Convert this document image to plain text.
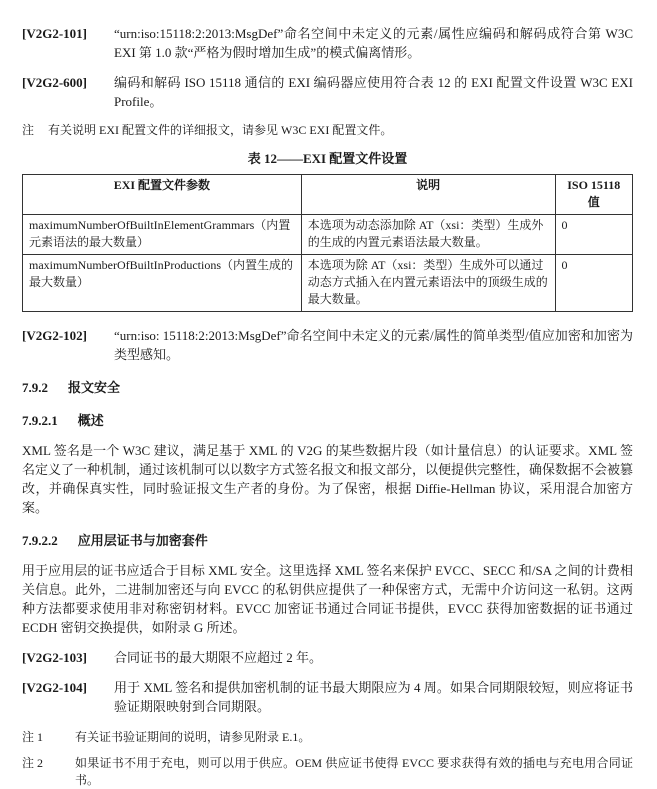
[V2G2-101]	“urn:iso:15118:2:2013:MsgDef”命名空间中未定义的元素/属性应编码和解码成符合第 W3C EXI 第 1.0 款“严格为假时增加生成”的模式偏离情形。
[V2G2-600]	编码和解码 ISO 15118 通信的 EXI 编码器应使用符合表 12 的 EXI 配置文件设置 W3C EXI Profile。
注	有关说明 EXI 配置文件的详细报文，请参见 W3C EXI 配置文件。
表 12——EXI 配置文件设置
EXI 配置文件参数	说明	ISO 15118 值
maximumNumberOfBuiltInElementGrammars（内置元素语法的最大数量）	本选项为动态添加除 AT（xsi：类型）生成外的生成的内置元素语法最大数量。	0
maximumNumberOfBuiltInProductions（内置生成的最大数量）	本选项为除 AT（xsi：类型）生成外可以通过动态方式插入在内置元素语法中的顶级生成的最大数量。	0
[V2G2-102]	“urn:iso: 15118:2:2013:MsgDef”命名空间中未定义的元素/属性的简单类型/值应加密和加密为类型感知。
7.9.2 报文安全
7.9.2.1 概述

XML 签名是一个 W3C 建议，满足基于 XML 的 V2G 的某些数据片段（如计量信息）的认证要求。XML 签名定义了一种机制，通过该机制可以以数字方式签名报文和报文部分，以便提供完整性，确保数据不会被篡改，并确保真实性，同时验证报文生产者的身份。为了保密，根据 Diffie-Hellman 协议，采用混合加密方案。

7.9.2.2 应用层证书与加密套件

用于应用层的证书应适合于目标 XML 安全。这里选择 XML 签名来保护 EVCC、SECC 和/SA 之间的计费相关信息。此外，二进制加密还与向 EVCC 的私钥供应提供了一种保密方式，无需中介访问这一私钥。这两种方法都要求使用非对称密钥材料。EVCC 加密证书通过合同证书提供，EVCC 获得加密数据的证书通过 ECDH 密钥交换提供，如附录 G 所述。

[V2G2-103]	合同证书的最大期限不应超过 2 年。
[V2G2-104]	用于 XML 签名和提供加密机制的证书最大期限应为 4 周。如果合同期限较短，则应将证书验证期限映射到合同期限。
注 1	有关证书验证期间的说明，请参见附录 E.1。
注 2	如果证书不用于充电，则可以用于供应。OEM 供应证书使得 EVCC 要求获得有效的插电与充电用合同证书。
